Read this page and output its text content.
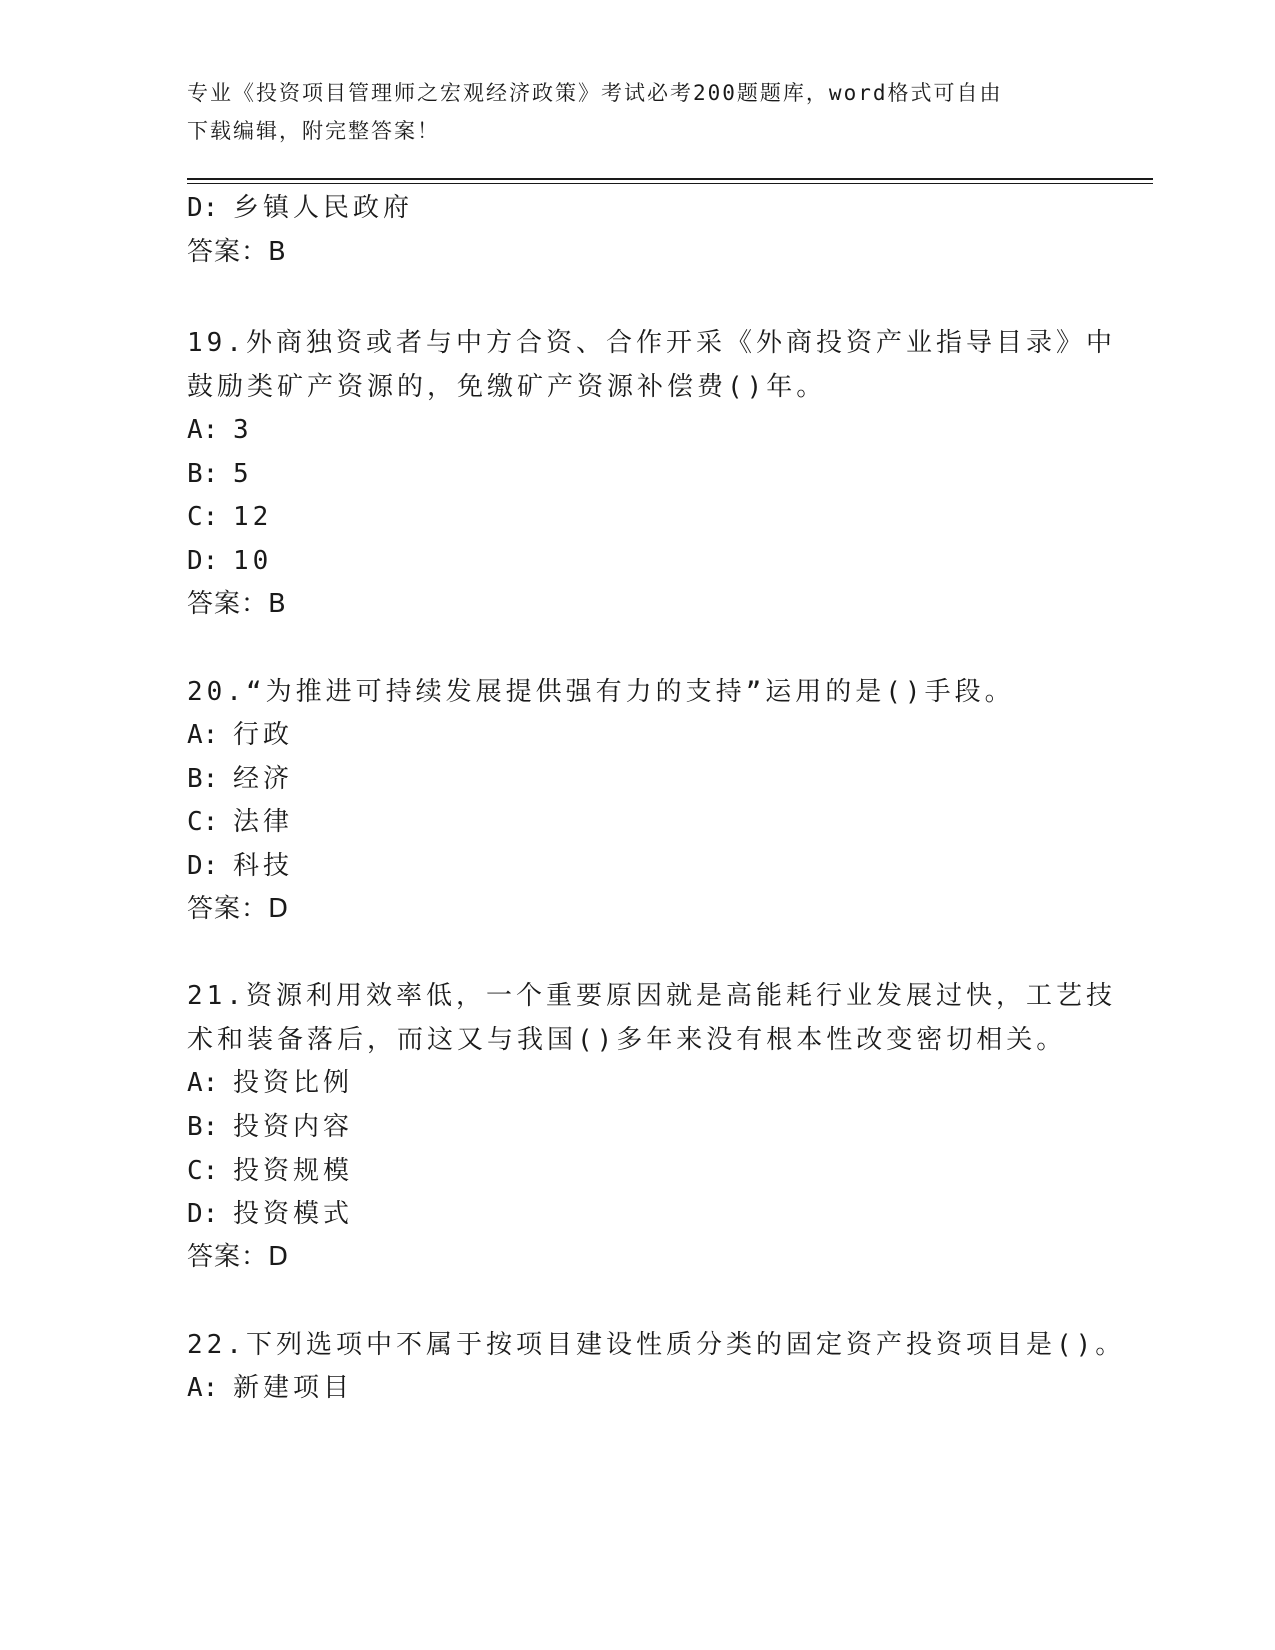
专业《投资项目管理师之宏观经济政策》考试必考200题题库，word格式可自由
下载编辑，附完整答案！
D: 乡镇人民政府
答案：B
19.外商独资或者与中方合资、合作开采《外商投资产业指导目录》中
鼓励类矿产资源的，免缴矿产资源补偿费()年。
A: 3
B: 5
C: 12
D: 10
答案：B
20.“为推进可持续发展提供强有力的支持”运用的是()手段。
A: 行政
B: 经济
C: 法律
D: 科技
答案：D
21.资源利用效率低，一个重要原因就是高能耗行业发展过快，工艺技
术和装备落后，而这又与我国()多年来没有根本性改变密切相关。
A: 投资比例
B: 投资内容
C: 投资规模
D: 投资模式
答案：D
22.下列选项中不属于按项目建设性质分类的固定资产投资项目是()。
A: 新建项目
